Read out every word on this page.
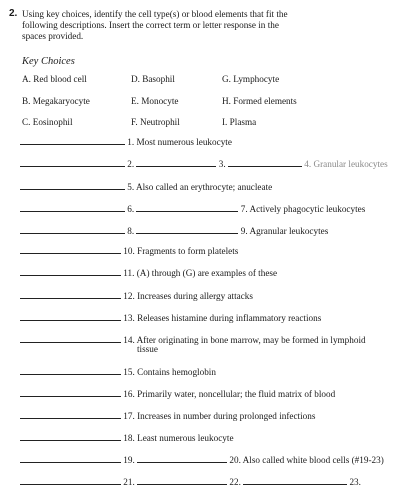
2. Using key choices, identify the cell type(s) or blood elements that fit the
following descriptions. Insert the correct term or letter response in the
spaces provided.
Key Choices
A. Red blood cell	D. Basophil	G. Lymphocyte
B. Megakaryocyte	E. Monocyte	H. Formed elements
C. Eosinophil	F. Neutrophil	I. Plasma
1. Most numerous leukocyte
2.	3.	4. Granular leukocytes
5. Also called an erythrocyte; anucleate
6.	7. Actively phagocytic leukocytes
8.	9. Agranular leukocytes
10. Fragments to form platelets
11. (A) through (G) are examples of these
12. Increases during allergy attacks
13. Releases histamine during inflammatory reactions
14. After originating in bone marrow, may be formed in lymphoid
tissue
15. Contains hemoglobin
16. Primarily water, noncellular; the fluid matrix of blood
17. Increases in number during prolonged infections
18. Least numerous leukocyte
19.	20. Also called white blood cells (#19-23)
21.	22.	23.
